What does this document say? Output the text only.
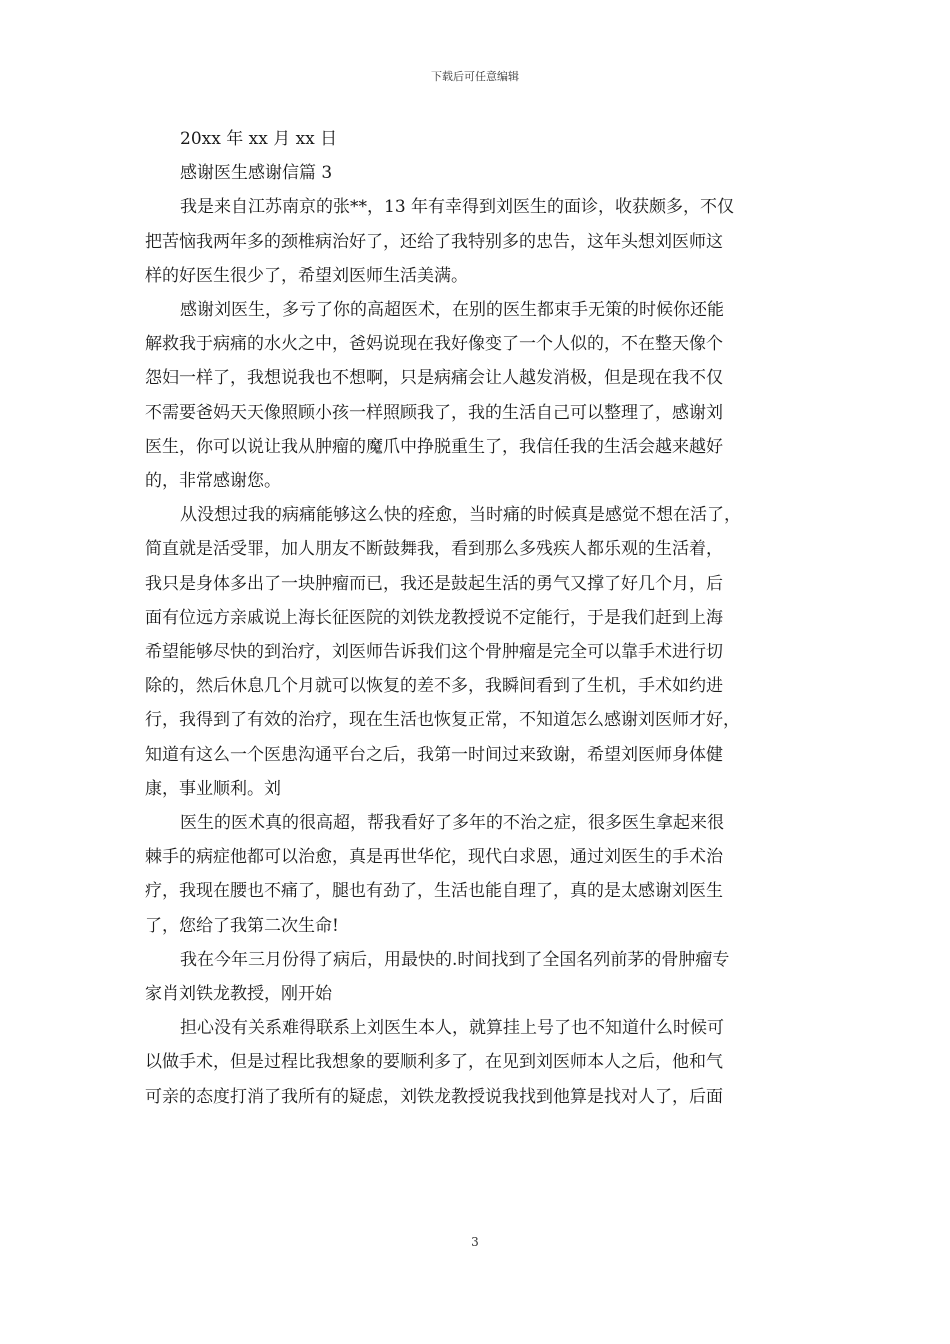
下载后可任意编辑
20xx 年 xx 月 xx 日
感谢医生感谢信篇 3
我是来自江苏南京的张**，13 年有幸得到刘医生的面诊，收获颇多，不仅
把苦恼我两年多的颈椎病治好了，还给了我特别多的忠告，这年头想刘医师这
样的好医生很少了，希望刘医师生活美满。
感谢刘医生，多亏了你的高超医术，在别的医生都束手无策的时候你还能
解救我于病痛的水火之中，爸妈说现在我好像变了一个人似的，不在整天像个
怨妇一样了，我想说我也不想啊，只是病痛会让人越发消极，但是现在我不仅
不需要爸妈天天像照顾小孩一样照顾我了，我的生活自己可以整理了，感谢刘
医生，你可以说让我从肿瘤的魔爪中挣脱重生了，我信任我的生活会越来越好
的，非常感谢您。
从没想过我的病痛能够这么快的痊愈，当时痛的时候真是感觉不想在活了，
简直就是活受罪，加人朋友不断鼓舞我，看到那么多残疾人都乐观的生活着，
我只是身体多出了一块肿瘤而已，我还是鼓起生活的勇气又撑了好几个月，后
面有位远方亲戚说上海长征医院的刘铁龙教授说不定能行，于是我们赶到上海
希望能够尽快的到治疗，刘医师告诉我们这个骨肿瘤是完全可以靠手术进行切
除的，然后休息几个月就可以恢复的差不多，我瞬间看到了生机，手术如约进
行，我得到了有效的治疗，现在生活也恢复正常，不知道怎么感谢刘医师才好，
知道有这么一个医患沟通平台之后，我第一时间过来致谢，希望刘医师身体健
康，事业顺利。刘
医生的医术真的很高超，帮我看好了多年的不治之症，很多医生拿起来很
棘手的病症他都可以治愈，真是再世华佗，现代白求恩，通过刘医生的手术治
疗，我现在腰也不痛了，腿也有劲了，生活也能自理了，真的是太感谢刘医生
了，您给了我第二次生命!
我在今年三月份得了病后，用最快的.时间找到了全国名列前茅的骨肿瘤专
家肖刘铁龙教授，刚开始
担心没有关系难得联系上刘医生本人，就算挂上号了也不知道什么时候可
以做手术，但是过程比我想象的要顺利多了，在见到刘医师本人之后，他和气
可亲的态度打消了我所有的疑虑，刘铁龙教授说我找到他算是找对人了，后面
3
